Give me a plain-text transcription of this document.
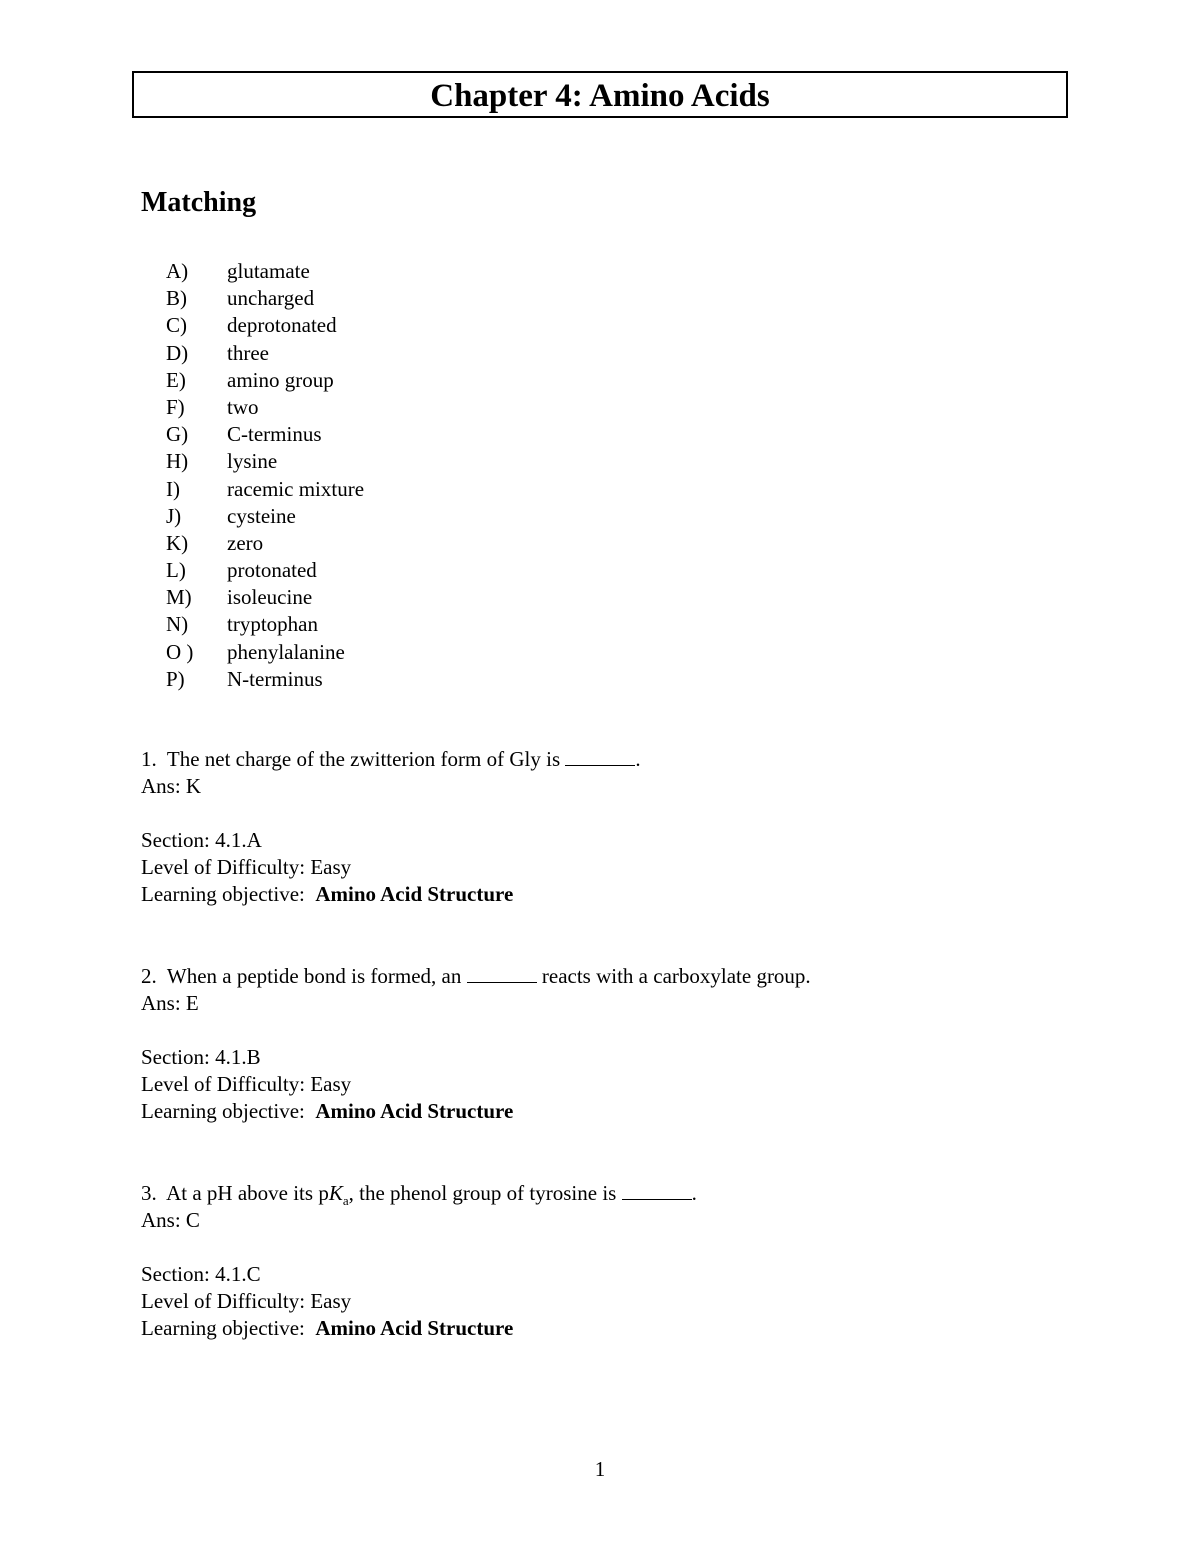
Chapter 4: Amino Acids
Matching
A) glutamate
B) uncharged
C) deprotonated
D) three
E) amino group
F) two
G) C-terminus
H) lysine
I) racemic mixture
J) cysteine
K) zero
L) protonated
M) isoleucine
N) tryptophan
O ) phenylalanine
P) N-terminus
1. The net charge of the zwitterion form of Gly is	.
Ans: K
Section: 4.1.A
Level of Difficulty: Easy
Learning objective: Amino Acid Structure
2. When a peptide bond is formed, an	reacts with a carboxylate group.
Ans: E
Section: 4.1.B
Level of Difficulty: Easy
Learning objective: Amino Acid Structure
3. At a pH above its $pK_a$, the phenol group of tyrosine is	.
Ans: C
Section: 4.1.C
Level of Difficulty: Easy
Learning objective: Amino Acid Structure
1
